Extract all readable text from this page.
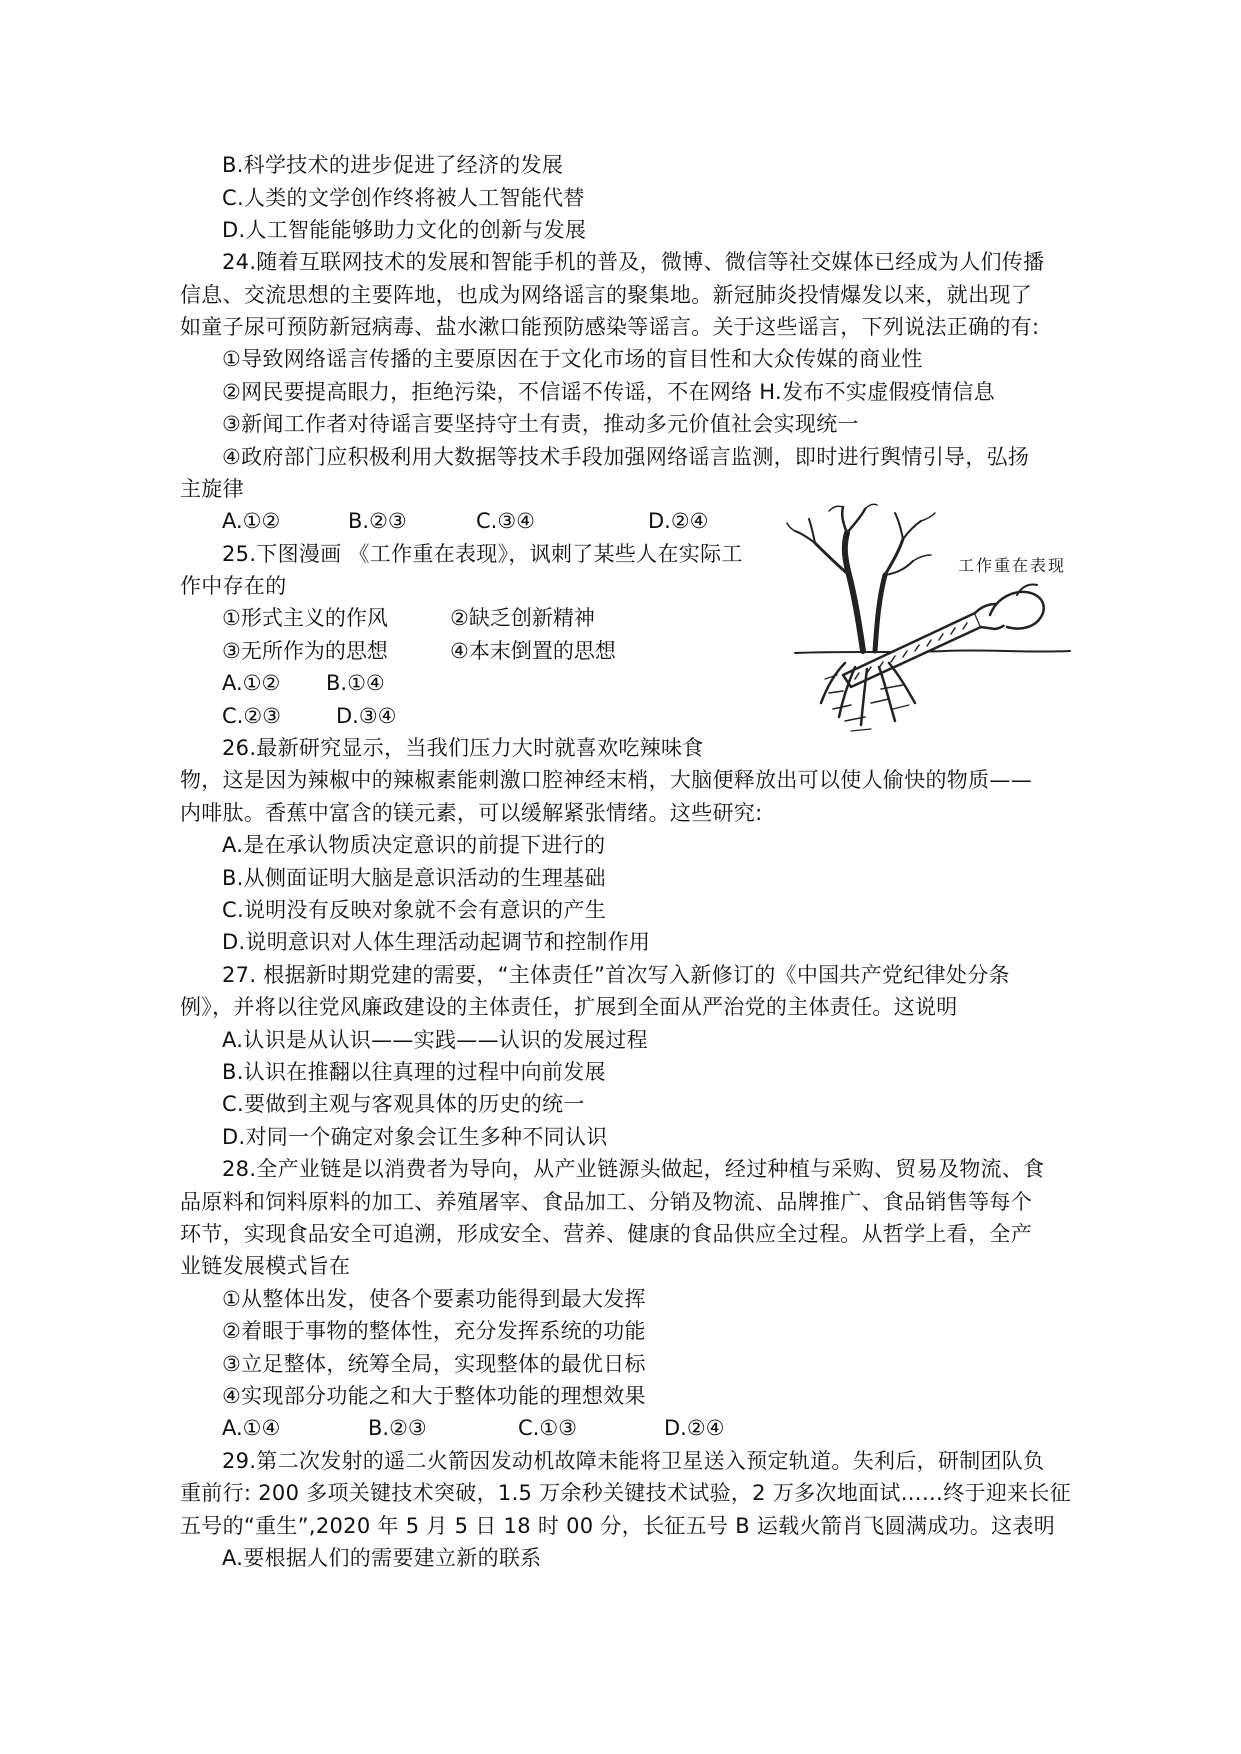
B.科学技术的进步促进了经济的发展
C.人类的文学创作终将被人工智能代替
D.人工智能能够助力文化的创新与发展
24.随着互联网技术的发展和智能手机的普及，微博、微信等社交媒体已经成为人们传播
信息、交流思想的主要阵地，也成为网络谣言的聚集地。新冠肺炎投情爆发以来，就出现了
如童子尿可预防新冠病毒、盐水漱口能预防感染等谣言。关于这些谣言，下列说法正确的有:
①导致网络谣言传播的主要原因在于文化市场的盲目性和大众传媒的商业性
②网民要提高眼力，拒绝污染，不信谣不传谣，不在网络 H.发布不实虚假疫情信息
③新闻工作者对待谣言要坚持守土有责，推动多元价值社会实现统一
④政府部门应积极利用大数据等技术手段加强网络谣言监测，即时进行舆情引导，弘扬
主旋律
A.①②	B.②③	C.③④	D.②④
25.下图漫画 《工作重在表现》，讽刺了某些人在实际工
作中存在的
①形式主义的作风	②缺乏创新精神
③无所作为的思想	④本末倒置的思想
A.①② B.①④
C.②③	D.③④
工作重在表现
26.最新研究显示，当我们压力大时就喜欢吃辣味食
物，这是因为辣椒中的辣椒素能刺激口腔神经末梢，大脑便释放出可以使人偷快的物质——
内啡肽。香蕉中富含的镁元素，可以缓解紧张情绪。这些研究:
A.是在承认物质决定意识的前提下进行的
B.从侧面证明大脑是意识活动的生理基础
C.说明没有反映对象就不会有意识的产生
D.说明意识对人体生理活动起调节和控制作用
27. 根据新时期党建的需要，“主体责任”首次写入新修订的《中国共产党纪律处分条
例》，并将以往党风廉政建设的主体责任，扩展到全面从严治党的主体责任。这说明
A.认识是从认识——实践——认识的发展过程
B.认识在推翻以往真理的过程中向前发展
C.要做到主观与客观具体的历史的统一
D.对同一个确定对象会讧生多种不同认识
28.全产业链是以消费者为导向，从产业链源头做起，经过种植与采购、贸易及物流、食
品原料和饲料原料的加工、养殖屠宰、食品加工、分销及物流、品牌推广、食品销售等每个
环节，实现食品安全可追溯，形成安全、营养、健康的食品供应全过程。从哲学上看，全产
业链发展模式旨在
①从整体出发，使各个要素功能得到最大发挥
②着眼于事物的整体性，充分发挥系统的功能
③立足整体，统筹全局，实现整体的最优日标
④实现部分功能之和大于整体功能的理想效果
A.①④	B.②③	C.①③	D.②④
29.第二次发射的遥二火箭因发动机故障未能将卫星送入预定轨道。失利后，研制团队负
重前行: 200 多项关键技术突破，1.5 万余秒关键技术试验，2 万多次地面试……终于迎来长征
五号的“重生”,2020 年 5 月 5 日 18 时 00 分，长征五号 B 运载火箭肖飞圆满成功。这表明
A.要根据人们的需要建立新的联系
